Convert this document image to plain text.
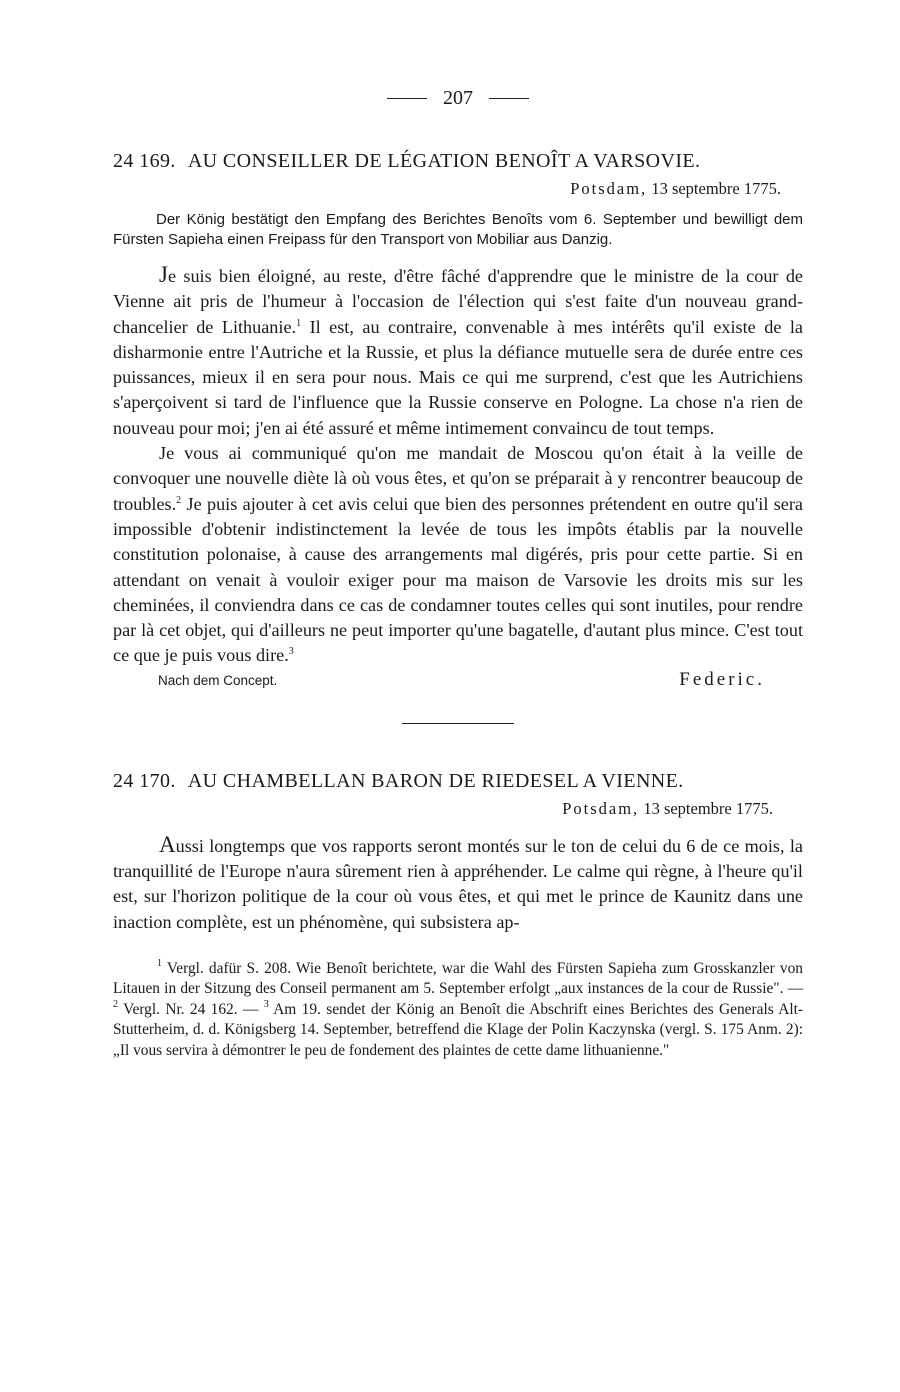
207
24 169. AU CONSEILLER DE LÉGATION BENOÎT A VARSOVIE.
Potsdam, 13 septembre 1775.
Der König bestätigt den Empfang des Berichtes Benoîts vom 6. September und bewilligt dem Fürsten Sapieha einen Freipass für den Transport von Mobiliar aus Danzig.

Je suis bien éloigné, au reste, d'être fâché d'apprendre que le ministre de la cour de Vienne ait pris de l'humeur à l'occasion de l'élection qui s'est faite d'un nouveau grand-chancelier de Lithuanie.$^1$ Il est, au contraire, convenable à mes intérêts qu'il existe de la disharmonie entre l'Autriche et la Russie, et plus la défiance mutuelle sera de durée entre ces puissances, mieux il en sera pour nous. Mais ce qui me surprend, c'est que les Autrichiens s'aperçoivent si tard de l'influence que la Russie conserve en Pologne. La chose n'a rien de nouveau pour moi; j'en ai été assuré et même intimement convaincu de tout temps.

Je vous ai communiqué qu'on me mandait de Moscou qu'on était à la veille de convoquer une nouvelle diète là où vous êtes, et qu'on se préparait à y rencontrer beaucoup de troubles.$^2$ Je puis ajouter à cet avis celui que bien des personnes prétendent en outre qu'il sera impossible d'obtenir indistinctement la levée de tous les impôts établis par la nouvelle constitution polonaise, à cause des arrangements mal digérés, pris pour cette partie. Si en attendant on venait à vouloir exiger pour ma maison de Varsovie les droits mis sur les cheminées, il conviendra dans ce cas de condamner toutes celles qui sont inutiles, pour rendre par là cet objet, qui d'ailleurs ne peut importer qu'une bagatelle, d'autant plus mince. C'est tout ce que je puis vous dire.$^3$

Nach dem Concept.	Federic.
24 170. AU CHAMBELLAN BARON DE RIEDESEL A VIENNE.
Potsdam, 13 septembre 1775.

Aussi longtemps que vos rapports seront montés sur le ton de celui du 6 de ce mois, la tranquillité de l'Europe n'aura sûrement rien à appréhender. Le calme qui règne, à l'heure qu'il est, sur l'horizon politique de la cour où vous êtes, et qui met le prince de Kaunitz dans une inaction complète, est un phénomène, qui subsistera ap-

$^1$ Vergl. dafür S. 208. Wie Benoît berichtete, war die Wahl des Fürsten Sapieha zum Grosskanzler von Litauen in der Sitzung des Conseil permanent am 5. September erfolgt „aux instances de la cour de Russie". — $^2$ Vergl. Nr. 24 162. — $^3$ Am 19. sendet der König an Benoît die Abschrift eines Berichtes des Generals Alt-Stutterheim, d. d. Königsberg 14. September, betreffend die Klage der Polin Kaczynska (vergl. S. 175 Anm. 2): „Il vous servira à démontrer le peu de fondement des plaintes de cette dame lithuanienne."
